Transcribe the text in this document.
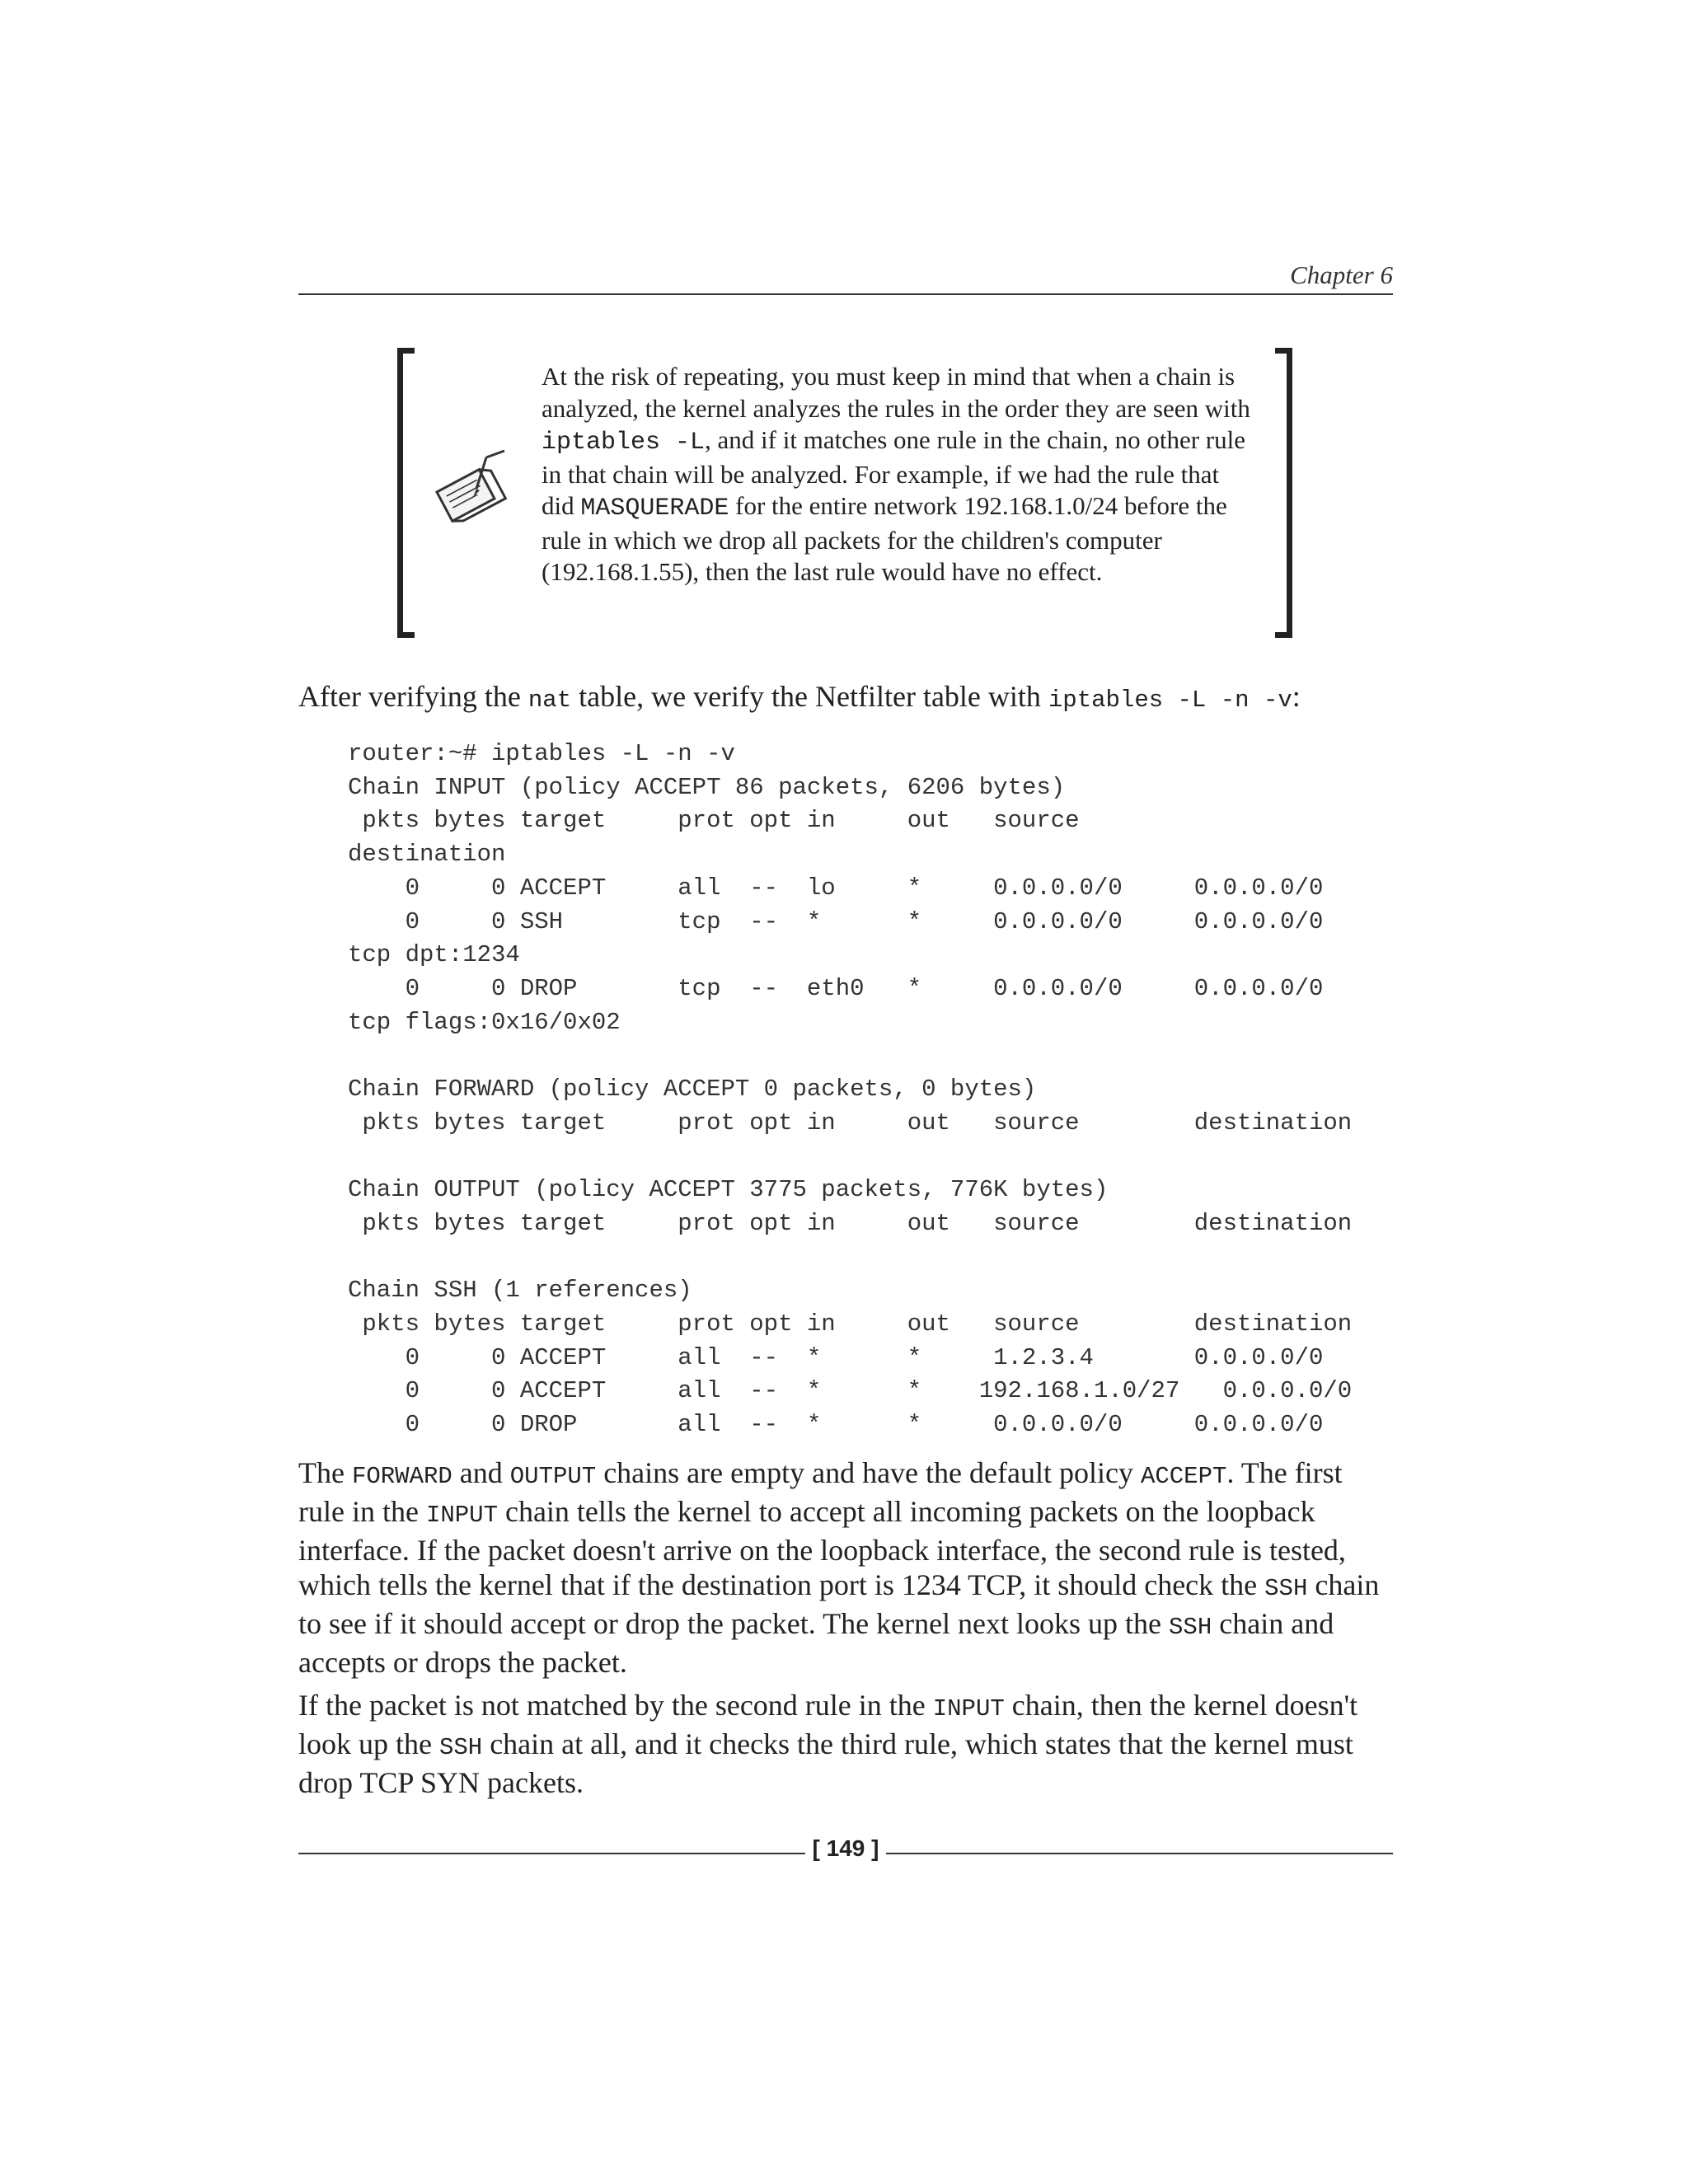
Chapter 6
At the risk of repeating, you must keep in mind that when a chain is analyzed, the kernel analyzes the rules in the order they are seen with iptables -L, and if it matches one rule in the chain, no other rule in that chain will be analyzed. For example, if we had the rule that did MASQUERADE for the entire network 192.168.1.0/24 before the rule in which we drop all packets for the children's computer (192.168.1.55), then the last rule would have no effect.
After verifying the nat table, we verify the Netfilter table with iptables -L -n -v:
router:~# iptables -L -n -v
Chain INPUT (policy ACCEPT 86 packets, 6206 bytes)
pkts bytes target     prot opt in     out   source
destination
0     0 ACCEPT     all  --  lo     *     0.0.0.0/0     0.0.0.0/0
0     0 SSH        tcp  --  *      *     0.0.0.0/0     0.0.0.0/0
tcp dpt:1234
0     0 DROP       tcp  --  eth0   *     0.0.0.0/0     0.0.0.0/0
tcp flags:0x16/0x02

Chain FORWARD (policy ACCEPT 0 packets, 0 bytes)
pkts bytes target     prot opt in     out   source        destination

Chain OUTPUT (policy ACCEPT 3775 packets, 776K bytes)
pkts bytes target     prot opt in     out   source        destination

Chain SSH (1 references)
pkts bytes target     prot opt in     out   source        destination
0     0 ACCEPT     all  --  *      *     1.2.3.4       0.0.0.0/0
0     0 ACCEPT     all  --  *      *    192.168.1.0/27   0.0.0.0/0
0     0 DROP       all  --  *      *     0.0.0.0/0     0.0.0.0/0
The FORWARD and OUTPUT chains are empty and have the default policy ACCEPT. The first rule in the INPUT chain tells the kernel to accept all incoming packets on the loopback interface. If the packet doesn't arrive on the loopback interface, the second rule is tested, which tells the kernel that if the destination port is 1234 TCP, it should check the SSH chain to see if it should accept or drop the packet. The kernel next looks up the SSH chain and accepts or drops the packet.
If the packet is not matched by the second rule in the INPUT chain, then the kernel doesn't look up the SSH chain at all, and it checks the third rule, which states that the kernel must drop TCP SYN packets.
[ 149 ]
